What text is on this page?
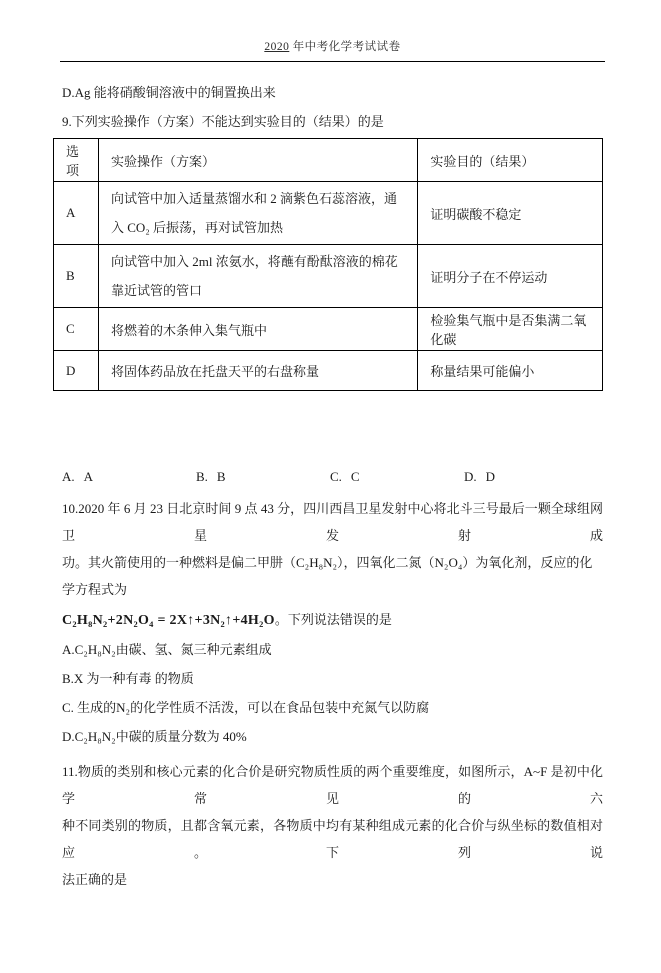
2020 年中考化学考试试卷
D.Ag 能将硝酸铜溶液中的铜置换出来
9.下列实验操作（方案）不能达到实验目的（结果）的是
选项	实验操作（方案）	实验目的（结果）
A	向试管中加入适量蒸馏水和 2 滴紫色石蕊溶液，通入 CO₂ 后振荡，再对试管加热	证明碳酸不稳定
B	向试管中加入 2ml 浓氨水，将蘸有酚酞溶液的棉花靠近试管的管口	证明分子在不停运动
C	将燃着的木条伸入集气瓶中	检验集气瓶中是否集满二氧化碳
D	将固体药品放在托盘天平的右盘称量	称量结果可能偏小
A. A	B. B	C. C	D. D
10.2020 年 6 月 23 日北京时间 9 点 43 分，四川西昌卫星发射中心将北斗三号最后一颗全球组网卫星发射成
功。其火箭使用的一种燃料是偏二甲肼（C₂H₈N₂），四氧化二氮（N₂O₄）为氧化剂，反应的化学方程式为
C₂H₈N₂+2N₂O₄ = 2X↑+3N₂↑+4H₂O。下列说法错误的是
A.C₂H₈N₂由碳、氢、氮三种元素组成
B.X 为一种有毒 的物质
C. 生成的N₂的化学性质不活泼，可以在食品包装中充氮气以防腐
D.C₂H₈N₂中碳的质量分数为 40%
11.物质的类别和核心元素的化合价是研究物质性质的两个重要维度，如图所示，A~F 是初中化学常见的六
种不同类别的物质，且都含氧元素，各物质中均有某种组成元素的化合价与纵坐标的数值相对应。下列说
法正确的是
